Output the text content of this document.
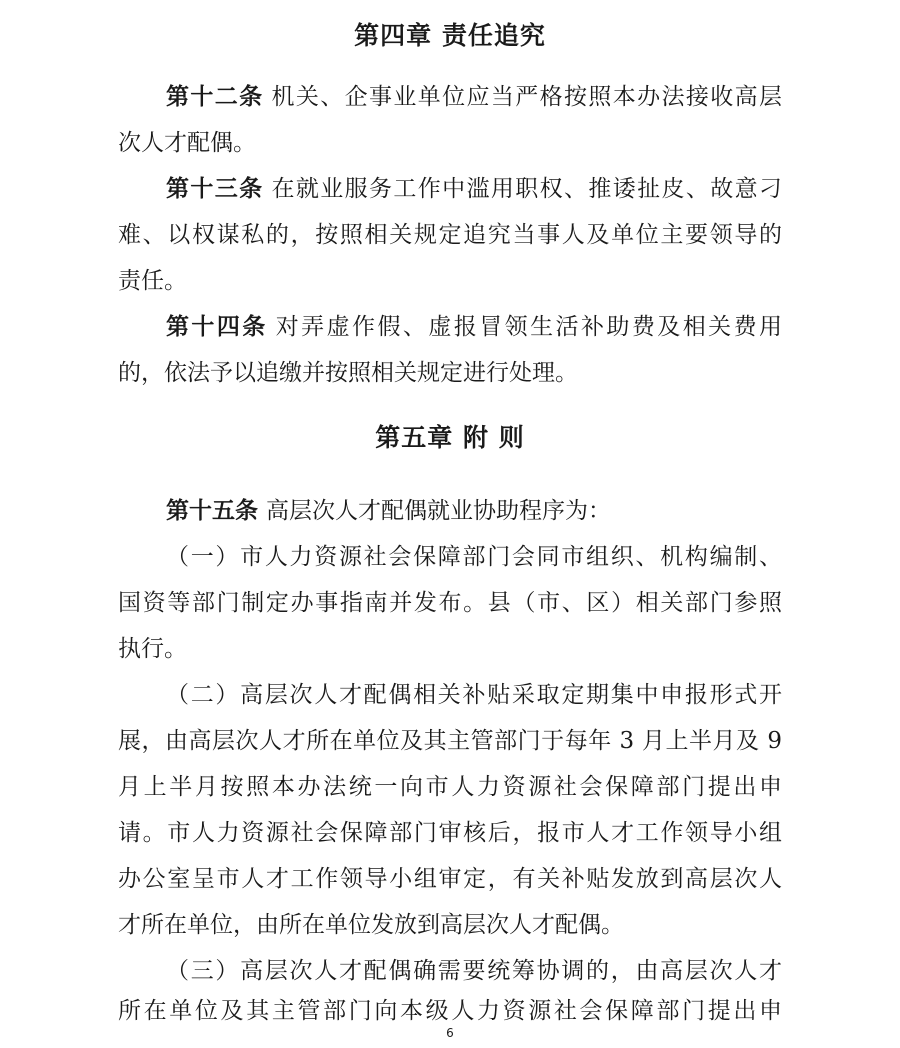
第四章 责任追究
第十二条 机关、企事业单位应当严格按照本办法接收高层
次人才配偶。
第十三条 在就业服务工作中滥用职权、推诿扯皮、故意刁
难、以权谋私的，按照相关规定追究当事人及单位主要领导的
责任。
第十四条 对弄虚作假、虚报冒领生活补助费及相关费用
的，依法予以追缴并按照相关规定进行处理。
第五章 附 则
第十五条 高层次人才配偶就业协助程序为：
（一）市人力资源社会保障部门会同市组织、机构编制、
国资等部门制定办事指南并发布。县（市、区）相关部门参照
执行。
（二）高层次人才配偶相关补贴采取定期集中申报形式开
展，由高层次人才所在单位及其主管部门于每年 3 月上半月及 9
月上半月按照本办法统一向市人力资源社会保障部门提出申
请。市人力资源社会保障部门审核后，报市人才工作领导小组
办公室呈市人才工作领导小组审定，有关补贴发放到高层次人
才所在单位，由所在单位发放到高层次人才配偶。
（三）高层次人才配偶确需要统筹协调的，由高层次人才
所在单位及其主管部门向本级人力资源社会保障部门提出申
6
